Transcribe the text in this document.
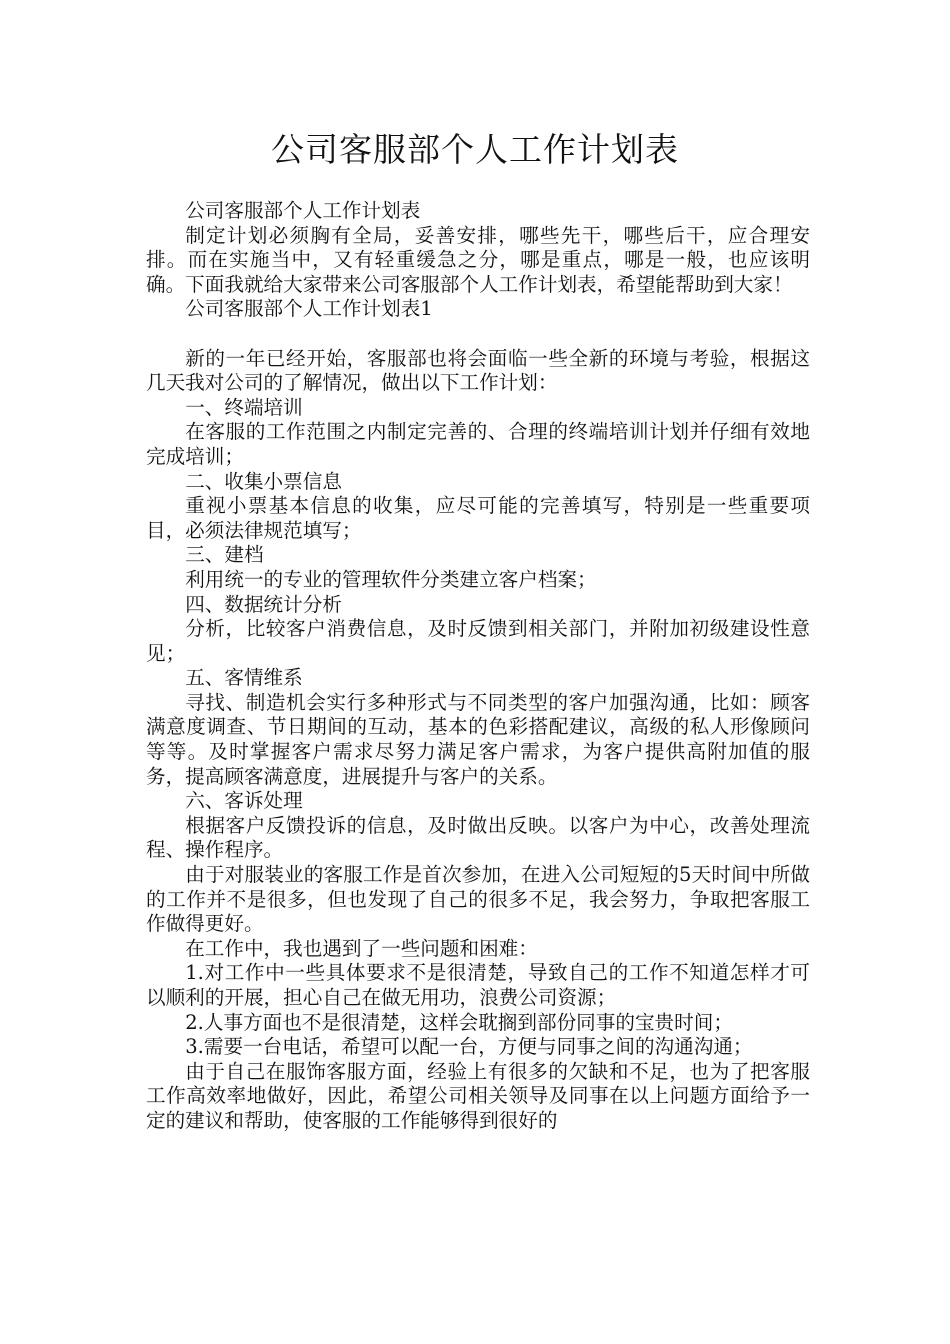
公司客服部个人工作计划表

公司客服部个人工作计划表

制定计划必须胸有全局，妥善安排，哪些先干，哪些后干，应合理安排。而在实施当中，又有轻重缓急之分，哪是重点，哪是一般，也应该明确。下面我就给大家带来公司客服部个人工作计划表，希望能帮助到大家！

公司客服部个人工作计划表1

新的一年已经开始，客服部也将会面临一些全新的环境与考验，根据这几天我对公司的了解情况，做出以下工作计划：

一、终端培训

在客服的工作范围之内制定完善的、合理的终端培训计划并仔细有效地完成培训；

二、收集小票信息

重视小票基本信息的收集，应尽可能的完善填写，特别是一些重要项目，必须法律规范填写；

三、建档

利用统一的专业的管理软件分类建立客户档案；

四、数据统计分析

分析，比较客户消费信息，及时反馈到相关部门，并附加初级建设性意见；

五、客情维系

寻找、制造机会实行多种形式与不同类型的客户加强沟通，比如：顾客满意度调查、节日期间的互动，基本的色彩搭配建议，高级的私人形像顾问等等。及时掌握客户需求尽努力满足客户需求，为客户提供高附加值的服务，提高顾客满意度，进展提升与客户的关系。

六、客诉处理

根据客户反馈投诉的信息，及时做出反映。以客户为中心，改善处理流程、操作程序。

由于对服装业的客服工作是首次参加，在进入公司短短的5天时间中所做的工作并不是很多，但也发现了自己的很多不足，我会努力，争取把客服工作做得更好。

在工作中，我也遇到了一些问题和困难：

1.对工作中一些具体要求不是很清楚，导致自己的工作不知道怎样才可以顺利的开展，担心自己在做无用功，浪费公司资源；

2.人事方面也不是很清楚，这样会耽搁到部份同事的宝贵时间；

3.需要一台电话，希望可以配一台，方便与同事之间的沟通沟通；

由于自己在服饰客服方面，经验上有很多的欠缺和不足，也为了把客服工作高效率地做好，因此，希望公司相关领导及同事在以上问题方面给予一定的建议和帮助，使客服的工作能够得到很好的
